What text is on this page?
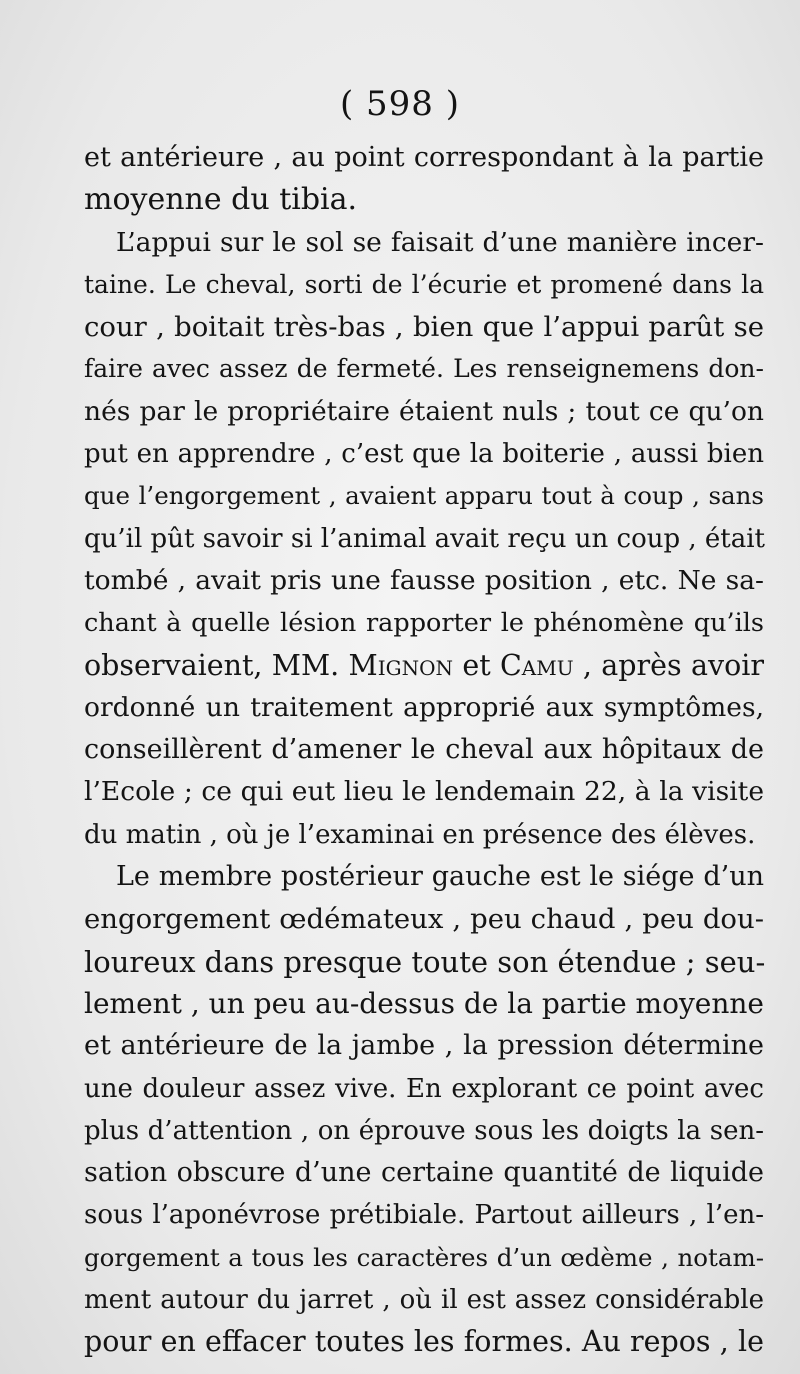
( 598 )
et antérieure , au point correspondant à la partie
moyenne du tibia.
L’appui sur le sol se faisait d’une manière incer-
taine. Le cheval, sorti de l’écurie et promené dans la
cour , boitait très-bas , bien que l’appui parût se
faire avec assez de fermeté. Les renseignemens don-
nés par le propriétaire étaient nuls ; tout ce qu’on
put en apprendre , c’est que la boiterie , aussi bien
que l’engorgement , avaient apparu tout à coup , sans
qu’il pût savoir si l’animal avait reçu un coup , était
tombé , avait pris une fausse position , etc. Ne sa-
chant à quelle lésion rapporter le phénomène qu’ils
observaient, MM. Mignon et Camu , après avoir
ordonné un traitement approprié aux symptômes,
conseillèrent d’amener le cheval aux hôpitaux de
l’Ecole ; ce qui eut lieu le lendemain 22, à la visite
du matin , où je l’examinai en présence des élèves.
Le membre postérieur gauche est le siége d’un
engorgement œdémateux , peu chaud , peu dou-
loureux dans presque toute son étendue ; seu-
lement , un peu au-dessus de la partie moyenne
et antérieure de la jambe , la pression détermine
une douleur assez vive. En explorant ce point avec
plus d’attention , on éprouve sous les doigts la sen-
sation obscure d’une certaine quantité de liquide
sous l’aponévrose prétibiale. Partout ailleurs , l’en-
gorgement a tous les caractères d’un œdème , notam-
ment autour du jarret , où il est assez considérable
pour en effacer toutes les formes. Au repos , le
